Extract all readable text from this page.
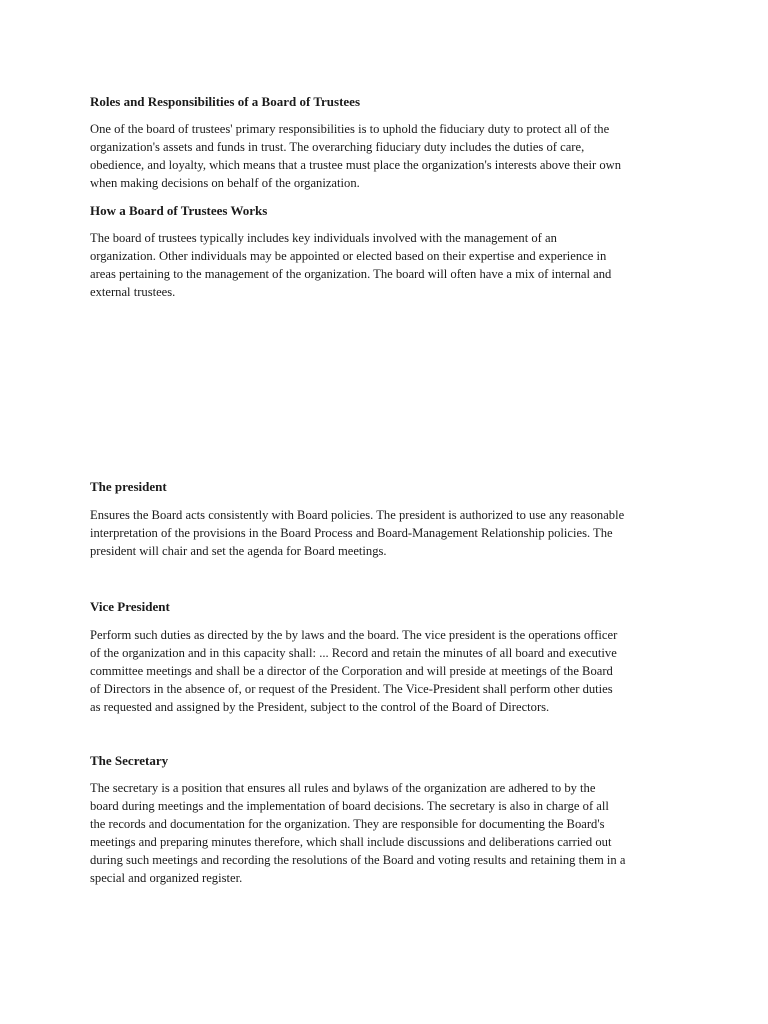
Roles and Responsibilities of a Board of Trustees
One of the board of trustees' primary responsibilities is to uphold the fiduciary duty to protect all of the
organization's assets and funds in trust. The overarching fiduciary duty includes the duties of care,
obedience, and loyalty, which means that a trustee must place the organization's interests above their own
when making decisions on behalf of the organization.
How a Board of Trustees Works
The board of trustees typically includes key individuals involved with the management of an
organization. Other individuals may be appointed or elected based on their expertise and experience in
areas pertaining to the management of the organization. The board will often have a mix of internal and
external trustees.
The president
Ensures the Board acts consistently with Board policies. The president is authorized to use any reasonable
interpretation of the provisions in the Board Process and Board-Management Relationship policies. The
president will chair and set the agenda for Board meetings.
Vice President
Perform such duties as directed by the by laws and the board. The vice president is the operations officer
of the organization and in this capacity shall: ... Record and retain the minutes of all board and executive
committee meetings and shall be a director of the Corporation and will preside at meetings of the Board
of Directors in the absence of, or request of the President. The Vice-President shall perform other duties
as requested and assigned by the President, subject to the control of the Board of Directors.
The Secretary
The secretary is a position that ensures all rules and bylaws of the organization are adhered to by the
board during meetings and the implementation of board decisions. The secretary is also in charge of all
the records and documentation for the organization. They are responsible for documenting the Board's
meetings and preparing minutes therefore, which shall include discussions and deliberations carried out
during such meetings and recording the resolutions of the Board and voting results and retaining them in a
special and organized register.
